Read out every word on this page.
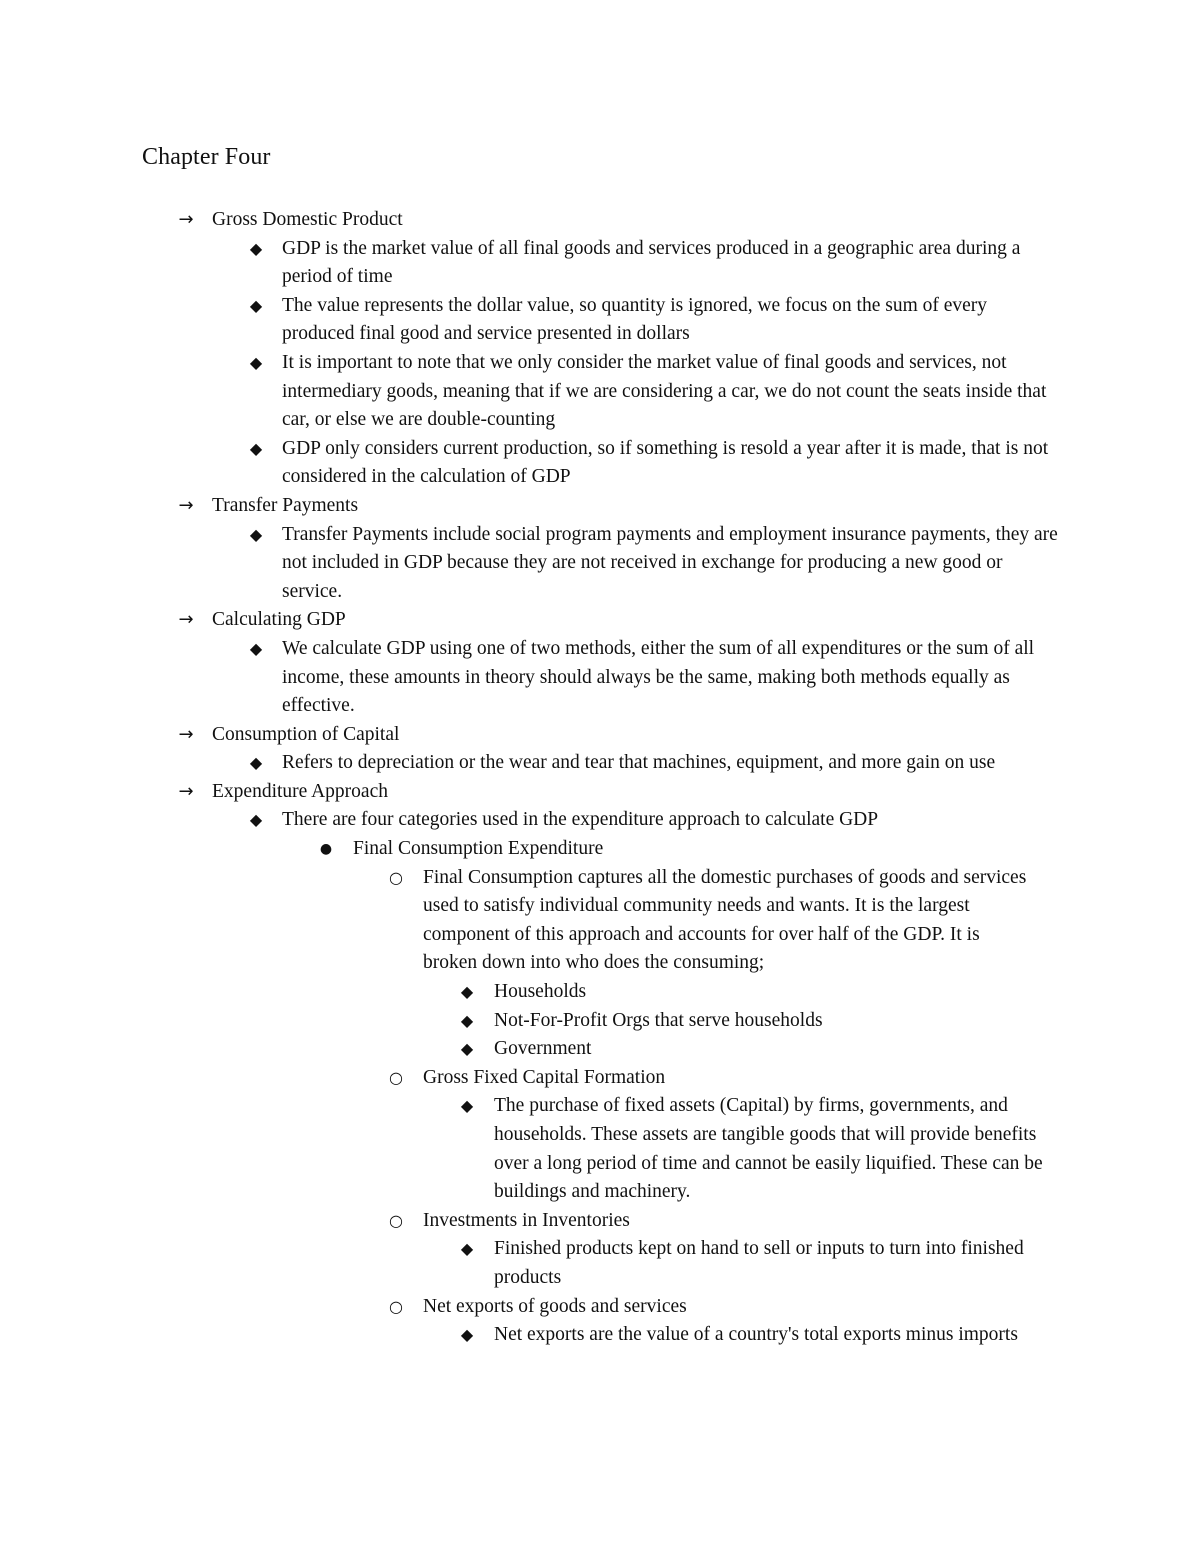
Chapter Four
→ Gross Domestic Product
◆ GDP is the market value of all final goods and services produced in a geographic area during a period of time
◆ The value represents the dollar value, so quantity is ignored, we focus on the sum of every produced final good and service presented in dollars
◆ It is important to note that we only consider the market value of final goods and services, not intermediary goods, meaning that if we are considering a car, we do not count the seats inside that car, or else we are double-counting
◆ GDP only considers current production, so if something is resold a year after it is made, that is not considered in the calculation of GDP
→ Transfer Payments
◆ Transfer Payments include social program payments and employment insurance payments, they are not included in GDP because they are not received in exchange for producing a new good or service.
→ Calculating GDP
◆ We calculate GDP using one of two methods, either the sum of all expenditures or the sum of all income, these amounts in theory should always be the same, making both methods equally as effective.
→ Consumption of Capital
◆ Refers to depreciation or the wear and tear that machines, equipment, and more gain on use
→ Expenditure Approach
◆ There are four categories used in the expenditure approach to calculate GDP
● Final Consumption Expenditure
○ Final Consumption captures all the domestic purchases of goods and services used to satisfy individual community needs and wants. It is the largest component of this approach and accounts for over half of the GDP. It is broken down into who does the consuming;
◆ Households
◆ Not-For-Profit Orgs that serve households
◆ Government
○ Gross Fixed Capital Formation
◆ The purchase of fixed assets (Capital) by firms, governments, and households. These assets are tangible goods that will provide benefits over a long period of time and cannot be easily liquified. These can be buildings and machinery.
○ Investments in Inventories
◆ Finished products kept on hand to sell or inputs to turn into finished products
○ Net exports of goods and services
◆ Net exports are the value of a country's total exports minus imports
